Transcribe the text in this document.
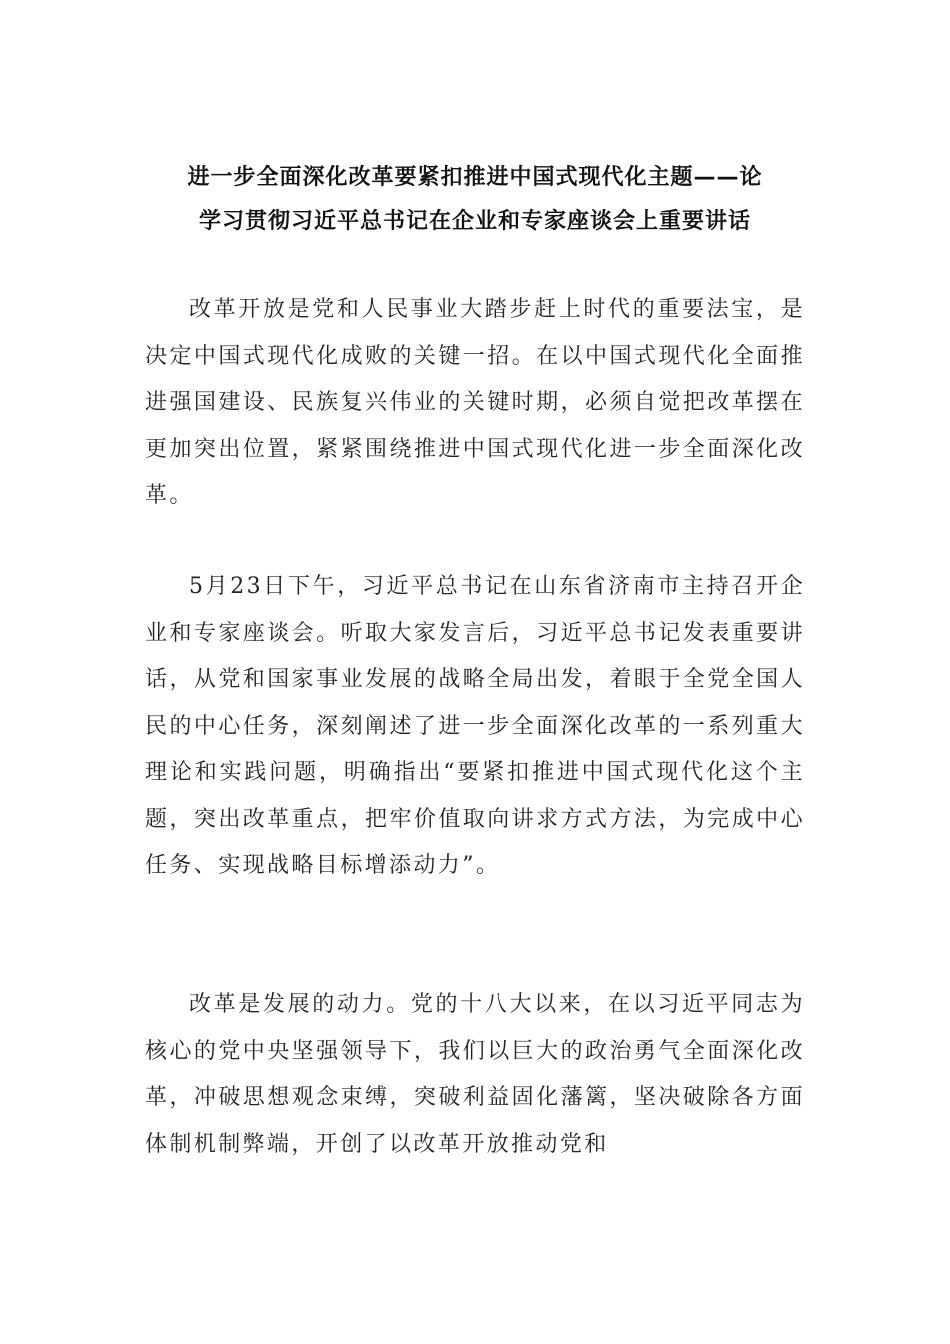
进一步全面深化改革要紧扣推进中国式现代化主题——论
学习贯彻习近平总书记在企业和专家座谈会上重要讲话

改革开放是党和人民事业大踏步赶上时代的重要法宝，是决定中国式现代化成败的关键一招。在以中国式现代化全面推进强国建设、民族复兴伟业的关键时期，必须自觉把改革摆在更加突出位置，紧紧围绕推进中国式现代化进一步全面深化改革。

5月23日下午，习近平总书记在山东省济南市主持召开企业和专家座谈会。听取大家发言后，习近平总书记发表重要讲话，从党和国家事业发展的战略全局出发，着眼于全党全国人民的中心任务，深刻阐述了进一步全面深化改革的一系列重大理论和实践问题，明确指出“要紧扣推进中国式现代化这个主题，突出改革重点，把牢价值取向讲求方式方法，为完成中心任务、实现战略目标增添动力”。

改革是发展的动力。党的十八大以来，在以习近平同志为核心的党中央坚强领导下，我们以巨大的政治勇气全面深化改革，冲破思想观念束缚，突破利益固化藩篱，坚决破除各方面体制机制弊端，开创了以改革开放推动党和
